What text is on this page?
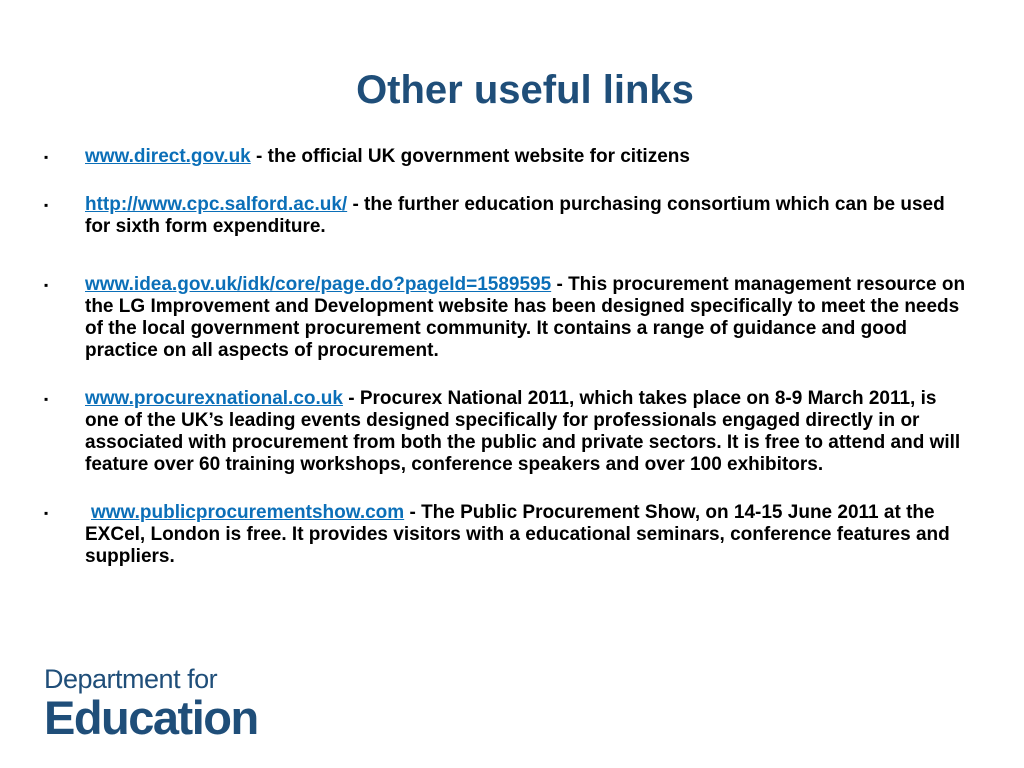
Other useful links
▪ www.direct.gov.uk - the official UK government website for citizens
▪ http://www.cpc.salford.ac.uk/ - the further education purchasing consortium which can be used for sixth form expenditure.
▪ www.idea.gov.uk/idk/core/page.do?pageId=1589595 - This procurement management resource on the LG Improvement and Development website has been designed specifically to meet the needs of the local government procurement community. It contains a range of guidance and good practice on all aspects of procurement.
▪ www.procurexnational.co.uk - Procurex National 2011, which takes place on 8-9 March 2011, is one of the UK’s leading events designed specifically for professionals engaged directly in or associated with procurement from both the public and private sectors. It is free to attend and will feature over 60 training workshops, conference speakers and over 100 exhibitors.
▪ www.publicprocurementshow.com - The Public Procurement Show, on 14-15 June 2011 at the EXCel, London is free. It provides visitors with a educational seminars, conference features and suppliers.
Department for
Education
